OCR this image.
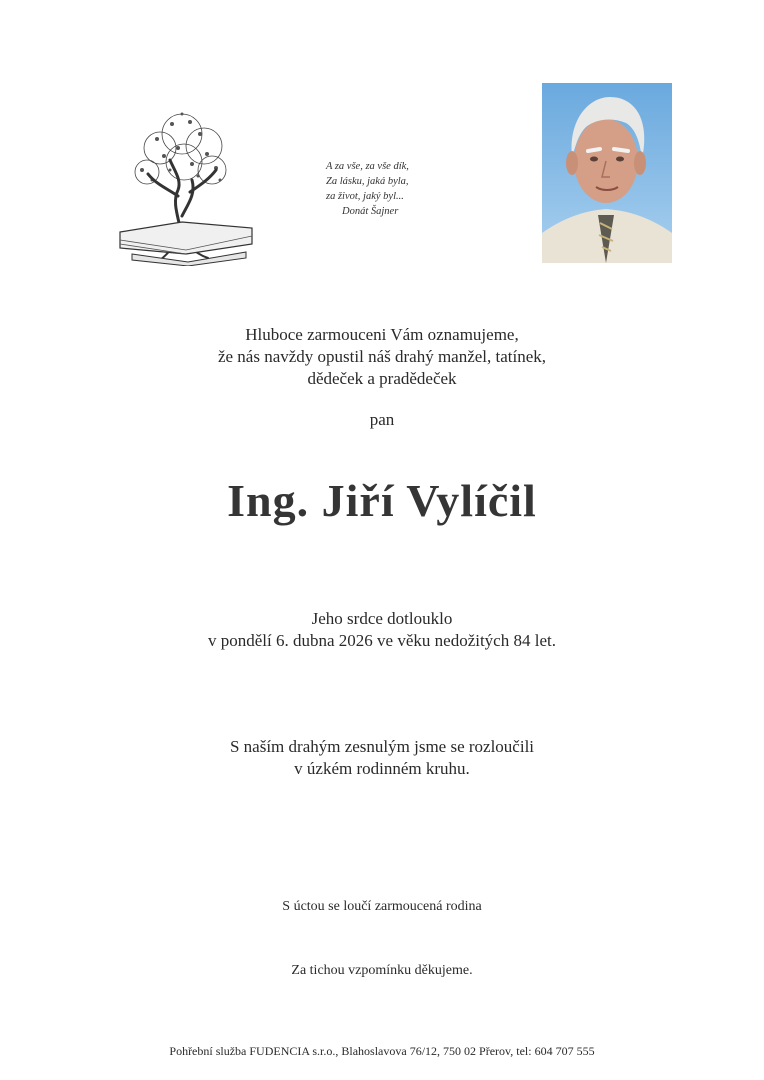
A za vše, za vše dík,
Za lásku, jaká byla,
za život, jaký byl...
Donát Šajner
Hluboce zarmouceni Vám oznamujeme,
že nás navždy opustil náš drahý manžel, tatínek,
dědeček a pradědeček
pan
Ing. Jiří Vylíčil
Jeho srdce dotlouklo
v pondělí 6. dubna 2026 ve věku nedožitých 84 let.
S naším drahým zesnulým jsme se rozloučili
v úzkém rodinném kruhu.
S úctou se loučí zarmoucená rodina
Za tichou vzpomínku děkujeme.
Pohřební služba FUDENCIA s.r.o., Blahoslavova 76/12, 750 02 Přerov, tel: 604 707 555
